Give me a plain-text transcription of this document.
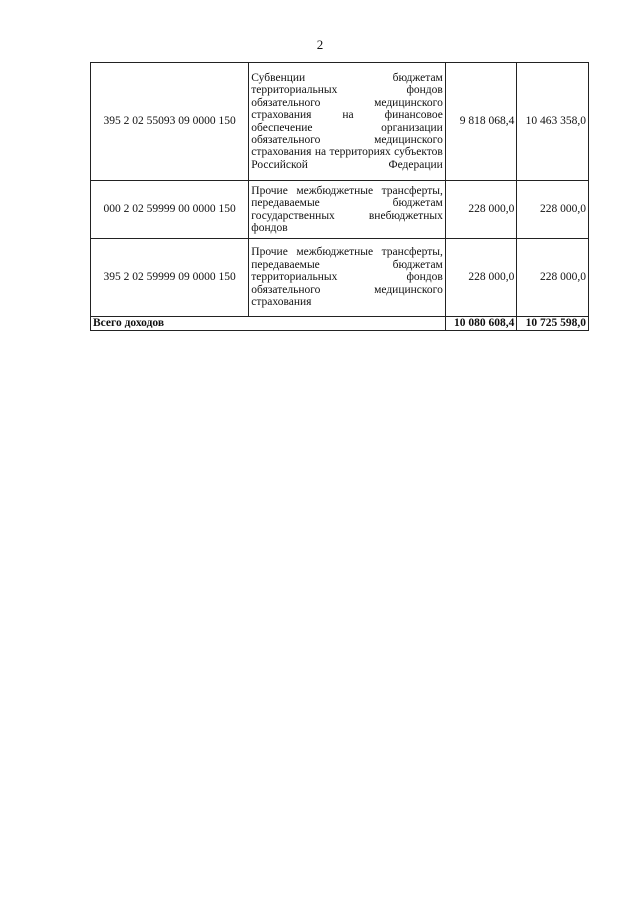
2
395 2 02 55093 09 0000 150	Субвенции бюджетам территориальных фондов обязательного медицинского страхования на финансовое обеспечение организации обязательного медицинского страхования на территориях субъектов Российской Федерации	9 818 068,4	10 463 358,0
000 2 02 59999 00 0000 150	Прочие межбюджетные трансферты, передаваемые бюджетам государственных внебюджетных фондов	228 000,0	228 000,0
395 2 02 59999 09 0000 150	Прочие межбюджетные трансферты, передаваемые бюджетам территориальных фондов обязательного медицинского страхования	228 000,0	228 000,0
Всего доходов		10 080 608,4	10 725 598,0
